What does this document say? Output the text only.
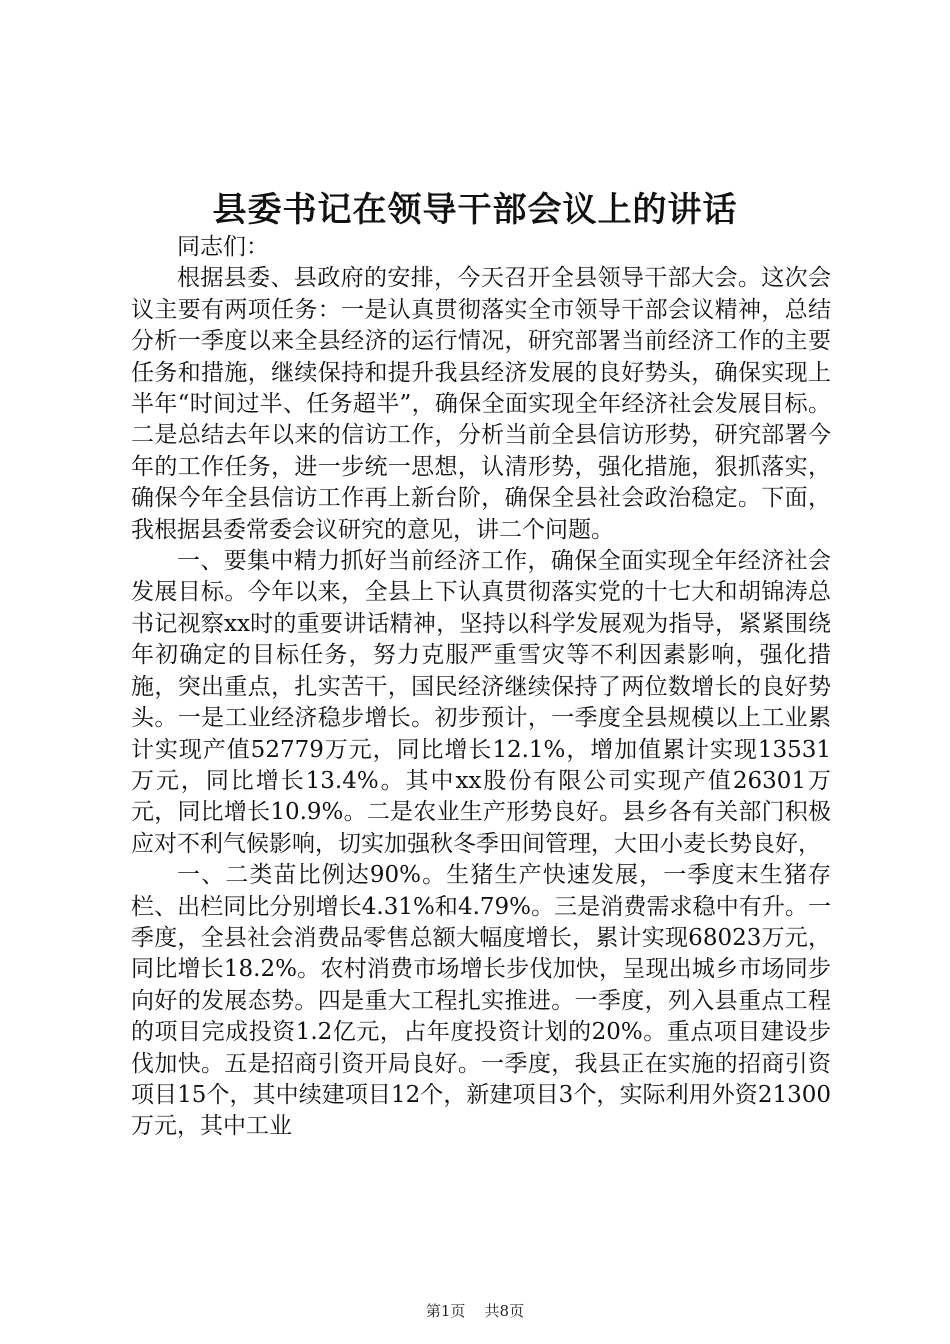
县委书记在领导干部会议上的讲话

同志们：

根据县委、县政府的安排，今天召开全县领导干部大会。这次会议主要有两项任务：一是认真贯彻落实全市领导干部会议精神，总结分析一季度以来全县经济的运行情况，研究部署当前经济工作的主要任务和措施，继续保持和提升我县经济发展的良好势头，确保实现上半年“时间过半、任务超半”，确保全面实现全年经济社会发展目标。二是总结去年以来的信访工作，分析当前全县信访形势，研究部署今年的工作任务，进一步统一思想，认清形势，强化措施，狠抓落实，确保今年全县信访工作再上新台阶，确保全县社会政治稳定。下面，我根据县委常委会议研究的意见，讲二个问题。

一、要集中精力抓好当前经济工作，确保全面实现全年经济社会发展目标。今年以来，全县上下认真贯彻落实党的十七大和胡锦涛总书记视察xx时的重要讲话精神，坚持以科学发展观为指导，紧紧围绕年初确定的目标任务，努力克服严重雪灾等不利因素影响，强化措施，突出重点，扎实苦干，国民经济继续保持了两位数增长的良好势头。一是工业经济稳步增长。初步预计，一季度全县规模以上工业累计实现产值52779万元，同比增长12.1%，增加值累计实现13531万元，同比增长13.4%。其中xx股份有限公司实现产值26301万元，同比增长10.9%。二是农业生产形势良好。县乡各有关部门积极应对不利气候影响，切实加强秋冬季田间管理，大田小麦长势良好，

一、二类苗比例达90%。生猪生产快速发展，一季度末生猪存栏、出栏同比分别增长4.31%和4.79%。三是消费需求稳中有升。一季度，全县社会消费品零售总额大幅度增长，累计实现68023万元，同比增长18.2%。农村消费市场增长步伐加快，呈现出城乡市场同步向好的发展态势。四是重大工程扎实推进。一季度，列入县重点工程的项目完成投资1.2亿元，占年度投资计划的20%。重点项目建设步伐加快。五是招商引资开局良好。一季度，我县正在实施的招商引资项目15个，其中续建项目12个，新建项目3个，实际利用外资21300万元，其中工业

第1页 共8页
